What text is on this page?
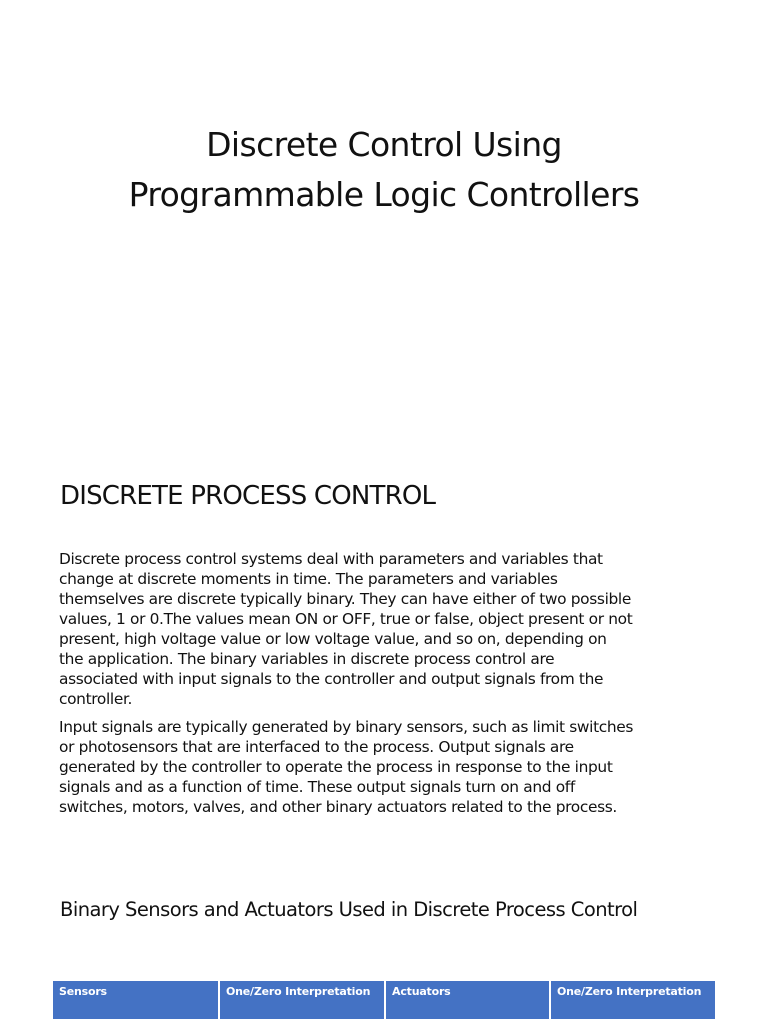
Discrete Control Using
Programmable Logic Controllers
DISCRETE PROCESS CONTROL

Discrete process control systems deal with parameters and variables that
change at discrete moments in time. The parameters and variables
themselves are discrete typically binary. They can have either of two possible
values, 1 or 0.The values mean ON or OFF, true or false, object present or not
present, high voltage value or low voltage value, and so on, depending on
the application. The binary variables in discrete process control are
associated with input signals to the controller and output signals from the
controller.

Input signals are typically generated by binary sensors, such as limit switches
or photosensors that are interfaced to the process. Output signals are
generated by the controller to operate the process in response to the input
signals and as a function of time. These output signals turn on and off
switches, motors, valves, and other binary actuators related to the process.

Binary Sensors and Actuators Used in Discrete Process Control
Sensors	One/Zero Interpretation	Actuators	One/Zero Interpretation
